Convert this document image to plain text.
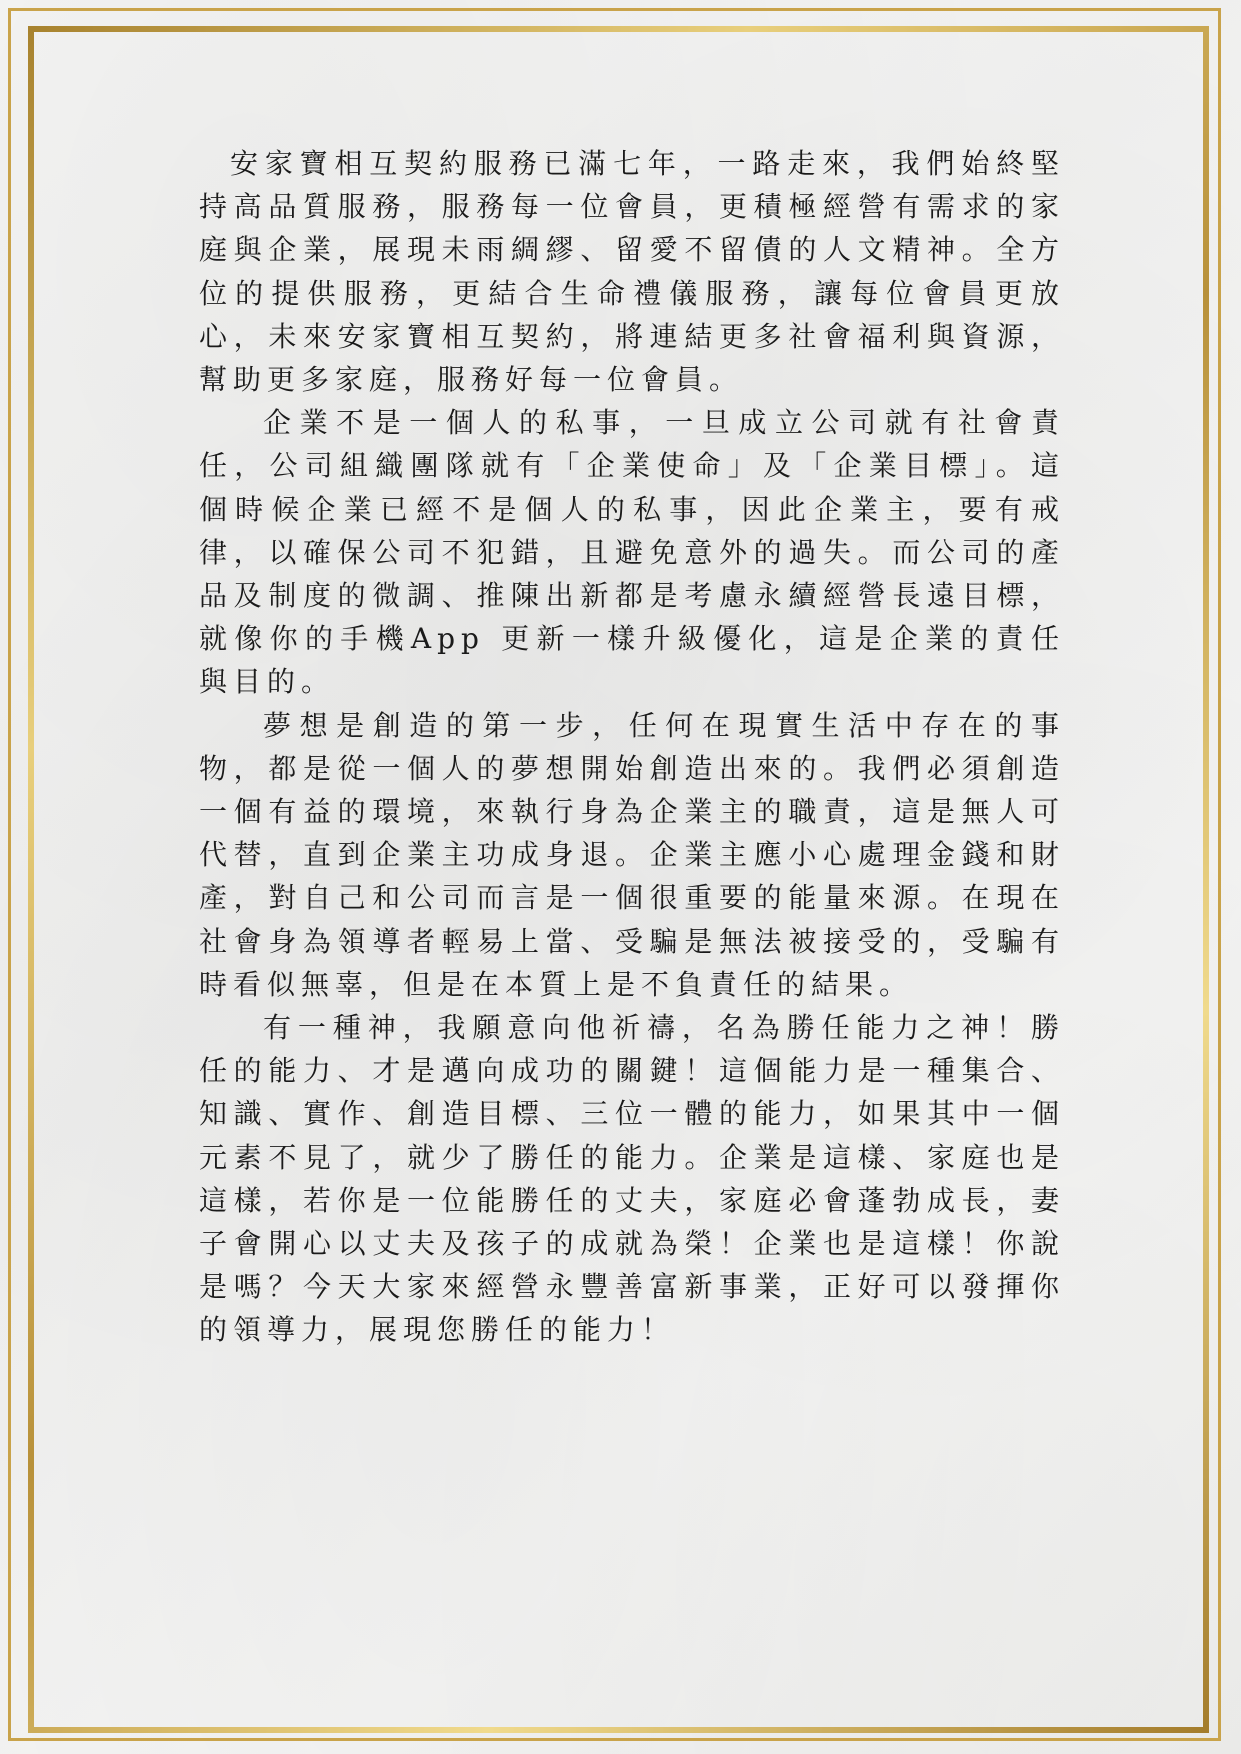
安家寶相互契約服務已滿七年，一路走來，我們始終堅持高品質服務，服務每一位會員，更積極經營有需求的家庭與企業，展現未雨綢繆、留愛不留債的人文精神。全方位的提供服務，更結合生命禮儀服務，讓每位會員更放心，未來安家寶相互契約，將連結更多社會福利與資源，幫助更多家庭，服務好每一位會員。

企業不是一個人的私事，一旦成立公司就有社會責任，公司組織團隊就有「企業使命」及「企業目標」。這個時候企業已經不是個人的私事，因此企業主，要有戒律，以確保公司不犯錯，且避免意外的過失。而公司的產品及制度的微調、推陳出新都是考慮永續經營長遠目標，就像你的手機App 更新一樣升級優化，這是企業的責任與目的。

夢想是創造的第一步，任何在現實生活中存在的事物，都是從一個人的夢想開始創造出來的。我們必須創造一個有益的環境，來執行身為企業主的職責，這是無人可代替，直到企業主功成身退。企業主應小心處理金錢和財產，對自己和公司而言是一個很重要的能量來源。在現在社會身為領導者輕易上當、受騙是無法被接受的，受騙有時看似無辜，但是在本質上是不負責任的結果。

有一種神，我願意向他祈禱，名為勝任能力之神！勝任的能力、才是邁向成功的關鍵！這個能力是一種集合、知識、實作、創造目標、三位一體的能力，如果其中一個元素不見了，就少了勝任的能力。企業是這樣、家庭也是這樣，若你是一位能勝任的丈夫，家庭必會蓬勃成長，妻子會開心以丈夫及孩子的成就為榮！企業也是這樣！你說是嗎？今天大家來經營永豐善富新事業，正好可以發揮你的領導力，展現您勝任的能力！
